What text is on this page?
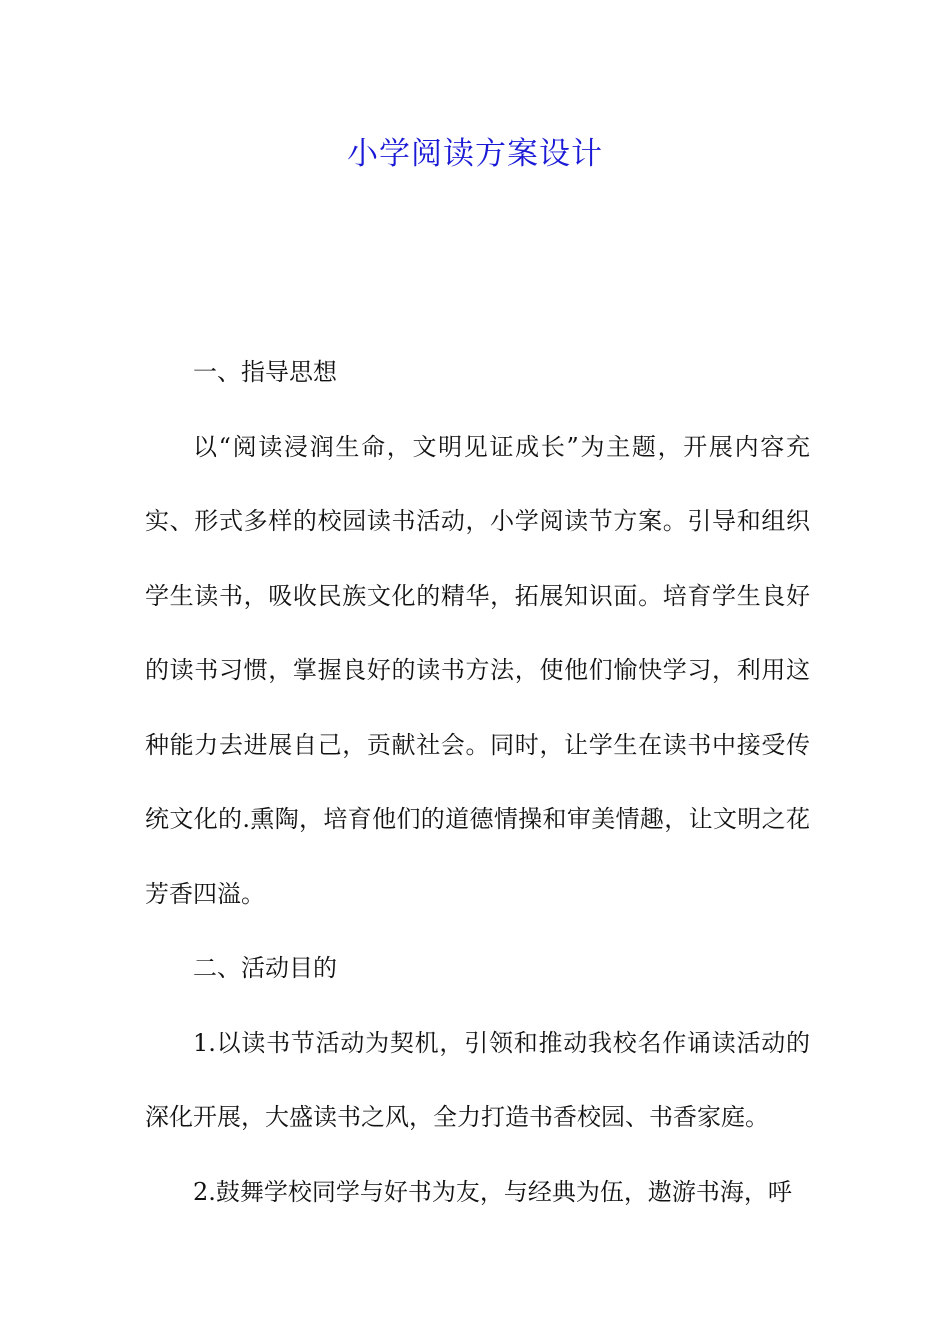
小学阅读方案设计

一、指导思想

以“阅读浸润生命，文明见证成长”为主题，开展内容充实、形式多样的校园读书活动，小学阅读节方案。引导和组织学生读书，吸收民族文化的精华，拓展知识面。培育学生良好的读书习惯，掌握良好的读书方法，使他们愉快学习，利用这种能力去进展自己，贡献社会。同时，让学生在读书中接受传统文化的.熏陶，培育他们的道德情操和审美情趣，让文明之花芳香四溢。

二、活动目的

1.以读书节活动为契机，引领和推动我校名作诵读活动的深化开展，大盛读书之风，全力打造书香校园、书香家庭。

2.鼓舞学校同学与好书为友，与经典为伍，遨游书海，呼
